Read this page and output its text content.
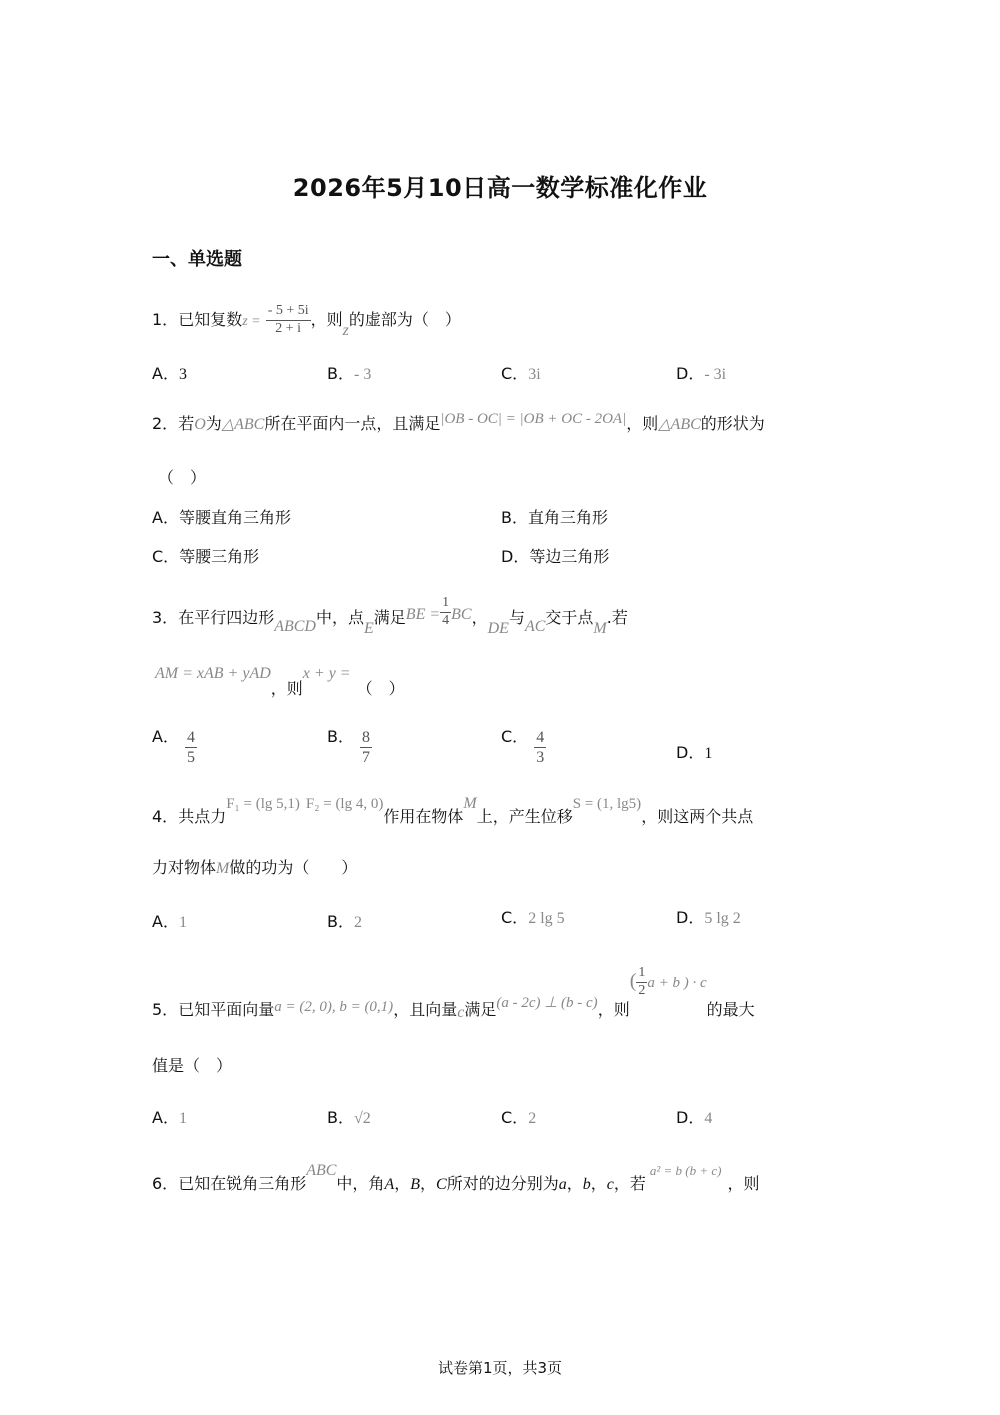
2026年5月10日高一数学标准化作业
一、单选题
1．已知复数$z = \frac{- 5 + 5i}{2 + i}$ ，则z的虚部为（　）
A．3	B．- 3	C．3i	D．- 3i
2．若O为△ABC所在平面内一点，且满足|OB - OC| = |OB + OC - 2OA|，则△ABC的形状为
（　）
A．等腰直角三角形	B．直角三角形
C．等腰三角形	D．等边三角形
3．在平行四边形ABCD中，点E满足BE = $\frac{1}{4}$ BC，DE与AC交于点M.若
AM = xAB + yAD，则x + y =（　）
A． $\frac{4}{5}$	B． $\frac{8}{7}$	C． $\frac{4}{3}$	D．1
4．共点力F₁ = (lg 5,1) F₂ = (lg 4, 0)作用在物体M上，产生位移S = (1, lg5)，则这两个共点
力对物体M做的功为（　　）
A．1	B．2	C．2 lg 5	D．5 lg 2
5．已知平面向量a = (2, 0), b = (0,1)，且向量c满足(a - 2c) ⊥ (b - c)，则( $\frac{1}{2}$ a + b ) · c的最大
值是（　）
A．1	B．√2	C．2	D．4
6．已知在锐角三角形ABC中，角A，B，C所对的边分别为a，b，c，若a² = b (b + c)，则
试卷第1页，共3页
